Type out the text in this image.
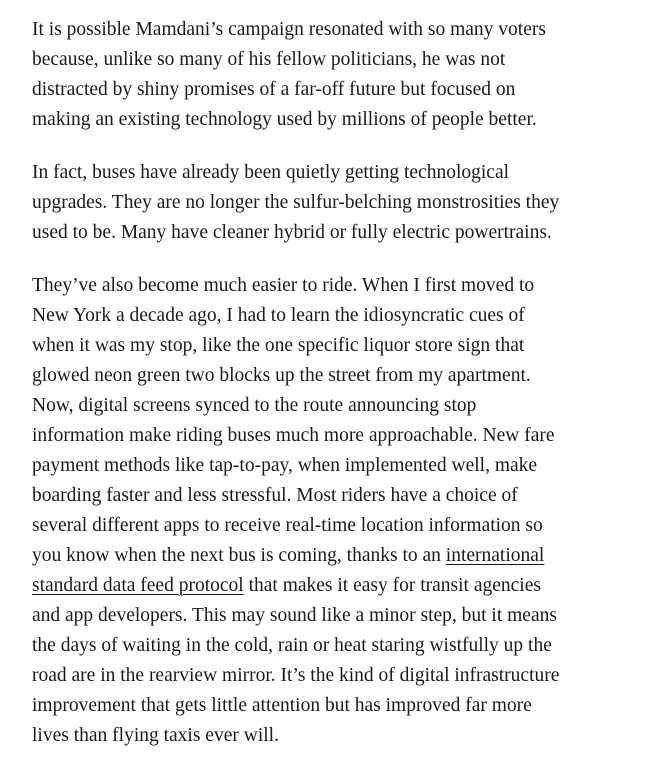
It is possible Mamdani’s campaign resonated with so many voters
because, unlike so many of his fellow politicians, he was not
distracted by shiny promises of a far-off future but focused on
making an existing technology used by millions of people better.
In fact, buses have already been quietly getting technological
upgrades. They are no longer the sulfur-belching monstrosities they
used to be. Many have cleaner hybrid or fully electric powertrains.
They’ve also become much easier to ride. When I first moved to
New York a decade ago, I had to learn the idiosyncratic cues of
when it was my stop, like the one specific liquor store sign that
glowed neon green two blocks up the street from my apartment.
Now, digital screens synced to the route announcing stop
information make riding buses much more approachable. New fare
payment methods like tap-to-pay, when implemented well, make
boarding faster and less stressful. Most riders have a choice of
several different apps to receive real-time location information so
you know when the next bus is coming, thanks to an international
standard data feed protocol that makes it easy for transit agencies
and app developers. This may sound like a minor step, but it means
the days of waiting in the cold, rain or heat staring wistfully up the
road are in the rearview mirror. It’s the kind of digital infrastructure
improvement that gets little attention but has improved far more
lives than flying taxis ever will.
